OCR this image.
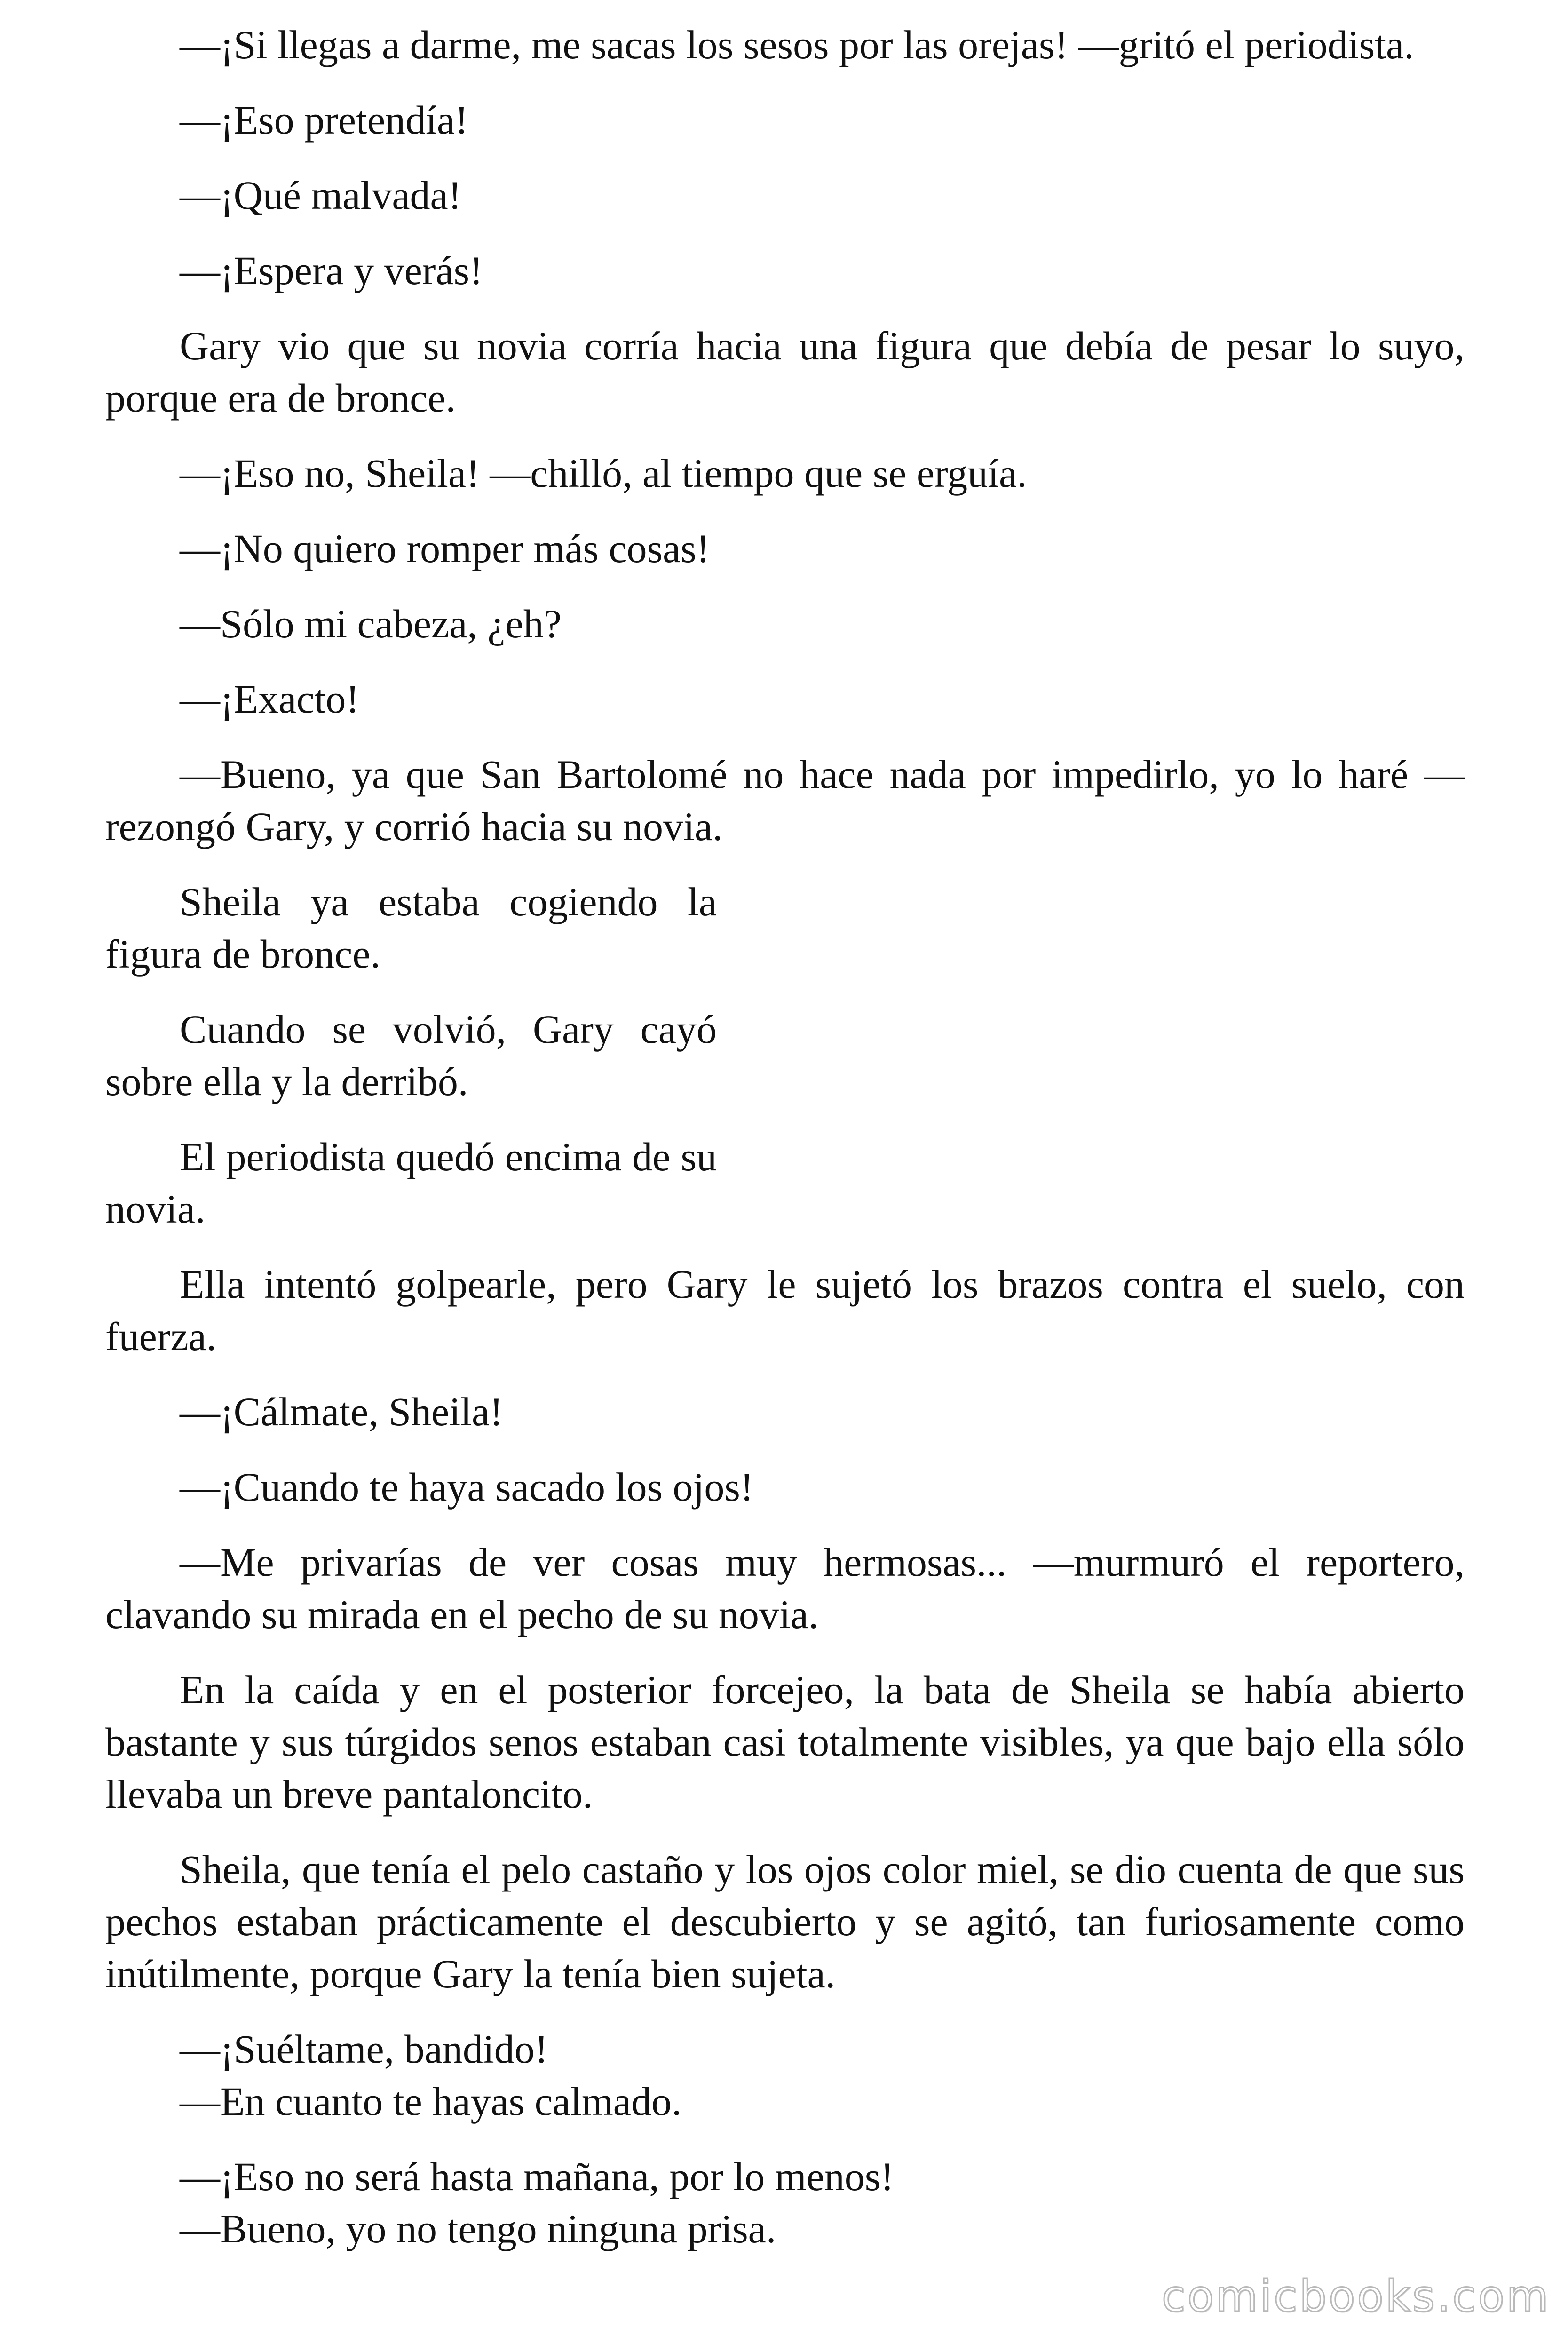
—¡Si llegas a darme, me sacas los sesos por las orejas! —gritó el periodista.

—¡Eso pretendía!

—¡Qué malvada!

—¡Espera y verás!

Gary vio que su novia corría hacia una figura que debía de pesar lo suyo, porque era de bronce.

—¡Eso no, Sheila! —chilló, al tiempo que se erguía.

—¡No quiero romper más cosas!

—Sólo mi cabeza, ¿eh?

—¡Exacto!

—Bueno, ya que San Bartolomé no hace nada por impedirlo, yo lo haré —rezongó Gary, y corrió hacia su novia.

Sheila ya estaba cogiendo la figura de bronce.

Cuando se volvió, Gary cayó sobre ella y la derribó.

El periodista quedó encima de su novia.

Ella intentó golpearle, pero Gary le sujetó los brazos contra el suelo, con fuerza.

—¡Cálmate, Sheila!

—¡Cuando te haya sacado los ojos!

—Me privarías de ver cosas muy hermosas... —murmuró el reportero, clavando su mirada en el pecho de su novia.

En la caída y en el posterior forcejeo, la bata de Sheila se había abierto bastante y sus túrgidos senos estaban casi totalmente visibles, ya que bajo ella sólo llevaba un breve pantaloncito.

Sheila, que tenía el pelo castaño y los ojos color miel, se dio cuenta de que sus pechos estaban prácticamente el descubierto y se agitó, tan furiosamente como inútilmente, porque Gary la tenía bien sujeta.

—¡Suéltame, bandido!

—En cuanto te hayas calmado.

—¡Eso no será hasta mañana, por lo menos!

—Bueno, yo no tengo ninguna prisa.

comicbooks.com
